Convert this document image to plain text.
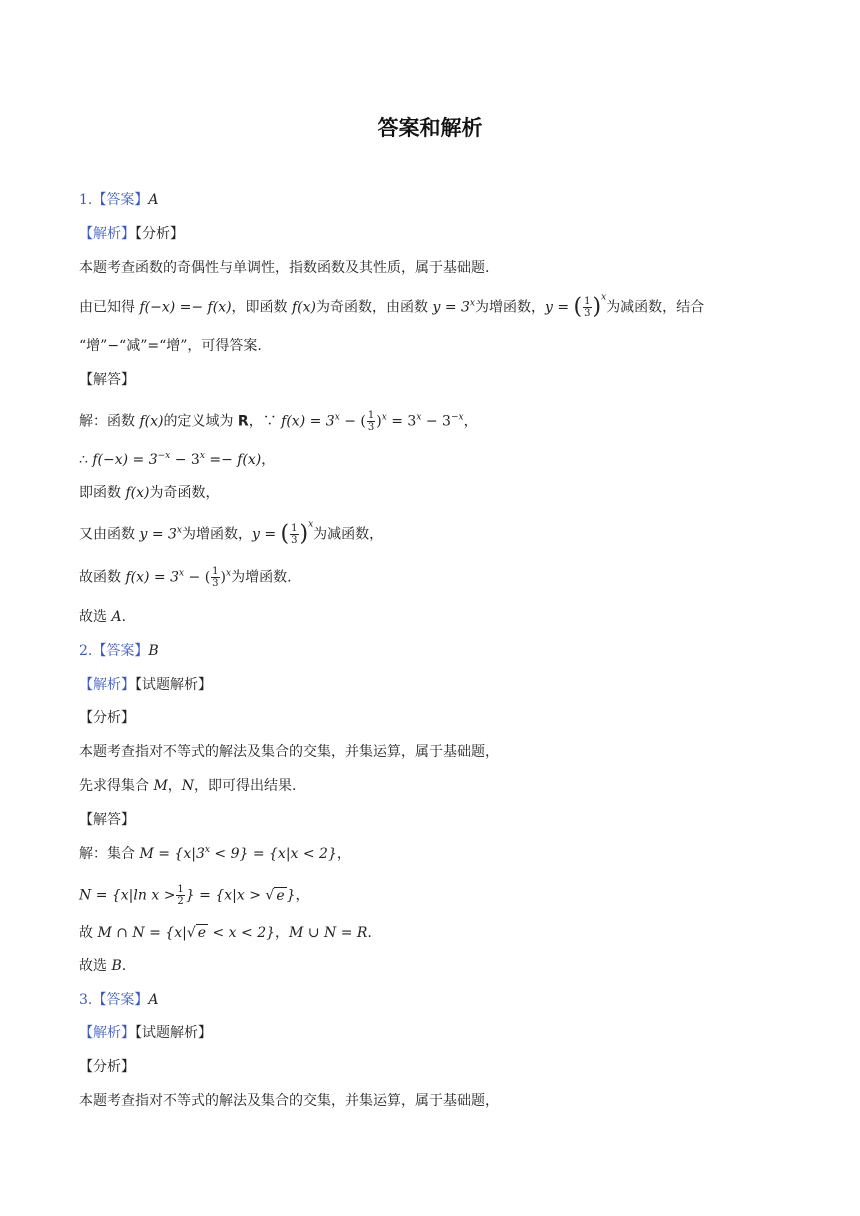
答案和解析
1.【答案】A
【解析】【分析】
本题考查函数的奇偶性与单调性，指数函数及其性质，属于基础题.
由已知得 f(−x) =− f(x)，即函数 f(x)为奇函数，由函数 $y = 3^x$为增函数，y = ( $\frac{1}{3} )^x$为减函数，结合
“增”−“减”=“增”，可得答案.
【解答】
解：函数 f(x)的定义域为 R，∵ $f(x) = 3^x$ − ( $\frac{1}{3} )^x = 3^x - 3^{-x}$，
∴ $f(-x) = 3^{-x} - 3^x =- f(x)$，
即函数 f(x)为奇函数，
又由函数 $y = 3^x$为增函数，y = ( $\frac{1}{3} )^x$为减函数，
故函数 $f(x) = 3^x$ − ( $\frac{1}{3} )^x$为增函数.
故选 A.
2.【答案】B
【解析】【试题解析】
【分析】
本题考查指对不等式的解法及集合的交集，并集运算，属于基础题，
先求得集合 M，N，即可得出结果.
【解答】
解：集合 $M = \{x|3^x < 9\} = \{x|x < 2\}$，
N = {x|ln $x > \frac{1}{2}$ } = {x|x > √ e }，
故 M ∩ N = {x|√ e < x < 2}，M ∪ N = R.
故选 B.
3.【答案】A
【解析】【试题解析】
【分析】
本题考查指对不等式的解法及集合的交集，并集运算，属于基础题，
